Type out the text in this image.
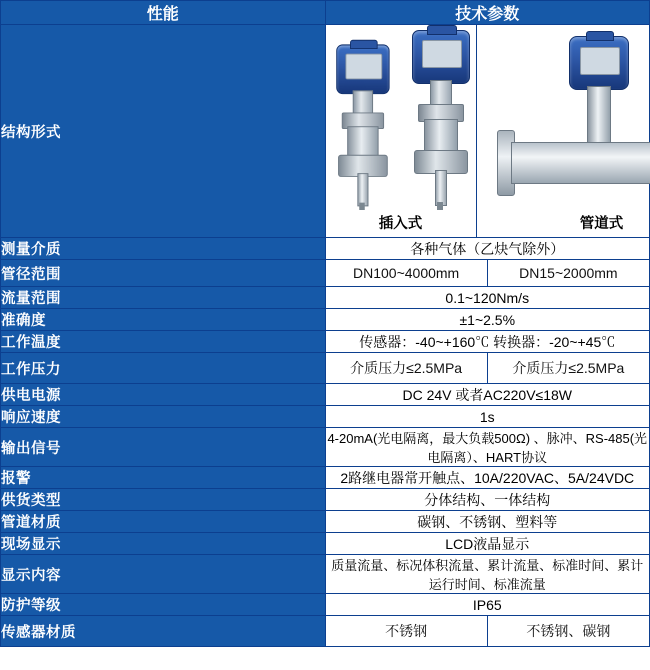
性能	技术参数
结构形式	插入式 管道式

测量介质	各种气体（乙炔气除外）
管径范围	DN100~4000mm DN15~2000mm

流量范围	0.1~120Nm/s
准确度	±1~2.5%
工作温度	传感器：-40~+160℃ 转换器：-20~+45℃
工作压力	介质压力≤2.5MPa 介质压力≤2.5MPa

供电电源	DC 24V 或者AC220V≤18W
响应速度	1s
输出信号	4-20mA(光电隔离，最大负载500Ω) 、脉冲、RS-485(光电隔离）、HART协议
报警	2路继电器常开触点、10A/220VAC、5A/24VDC
供货类型	分体结构、一体结构
管道材质	碳钢、不锈钢、塑料等
现场显示	LCD液晶显示
显示内容	质量流量、标况体积流量、累计流量、标准时间、累计运行时间、标准流量
防护等级	IP65
传感器材质	不锈钢 不锈钢、碳钢
